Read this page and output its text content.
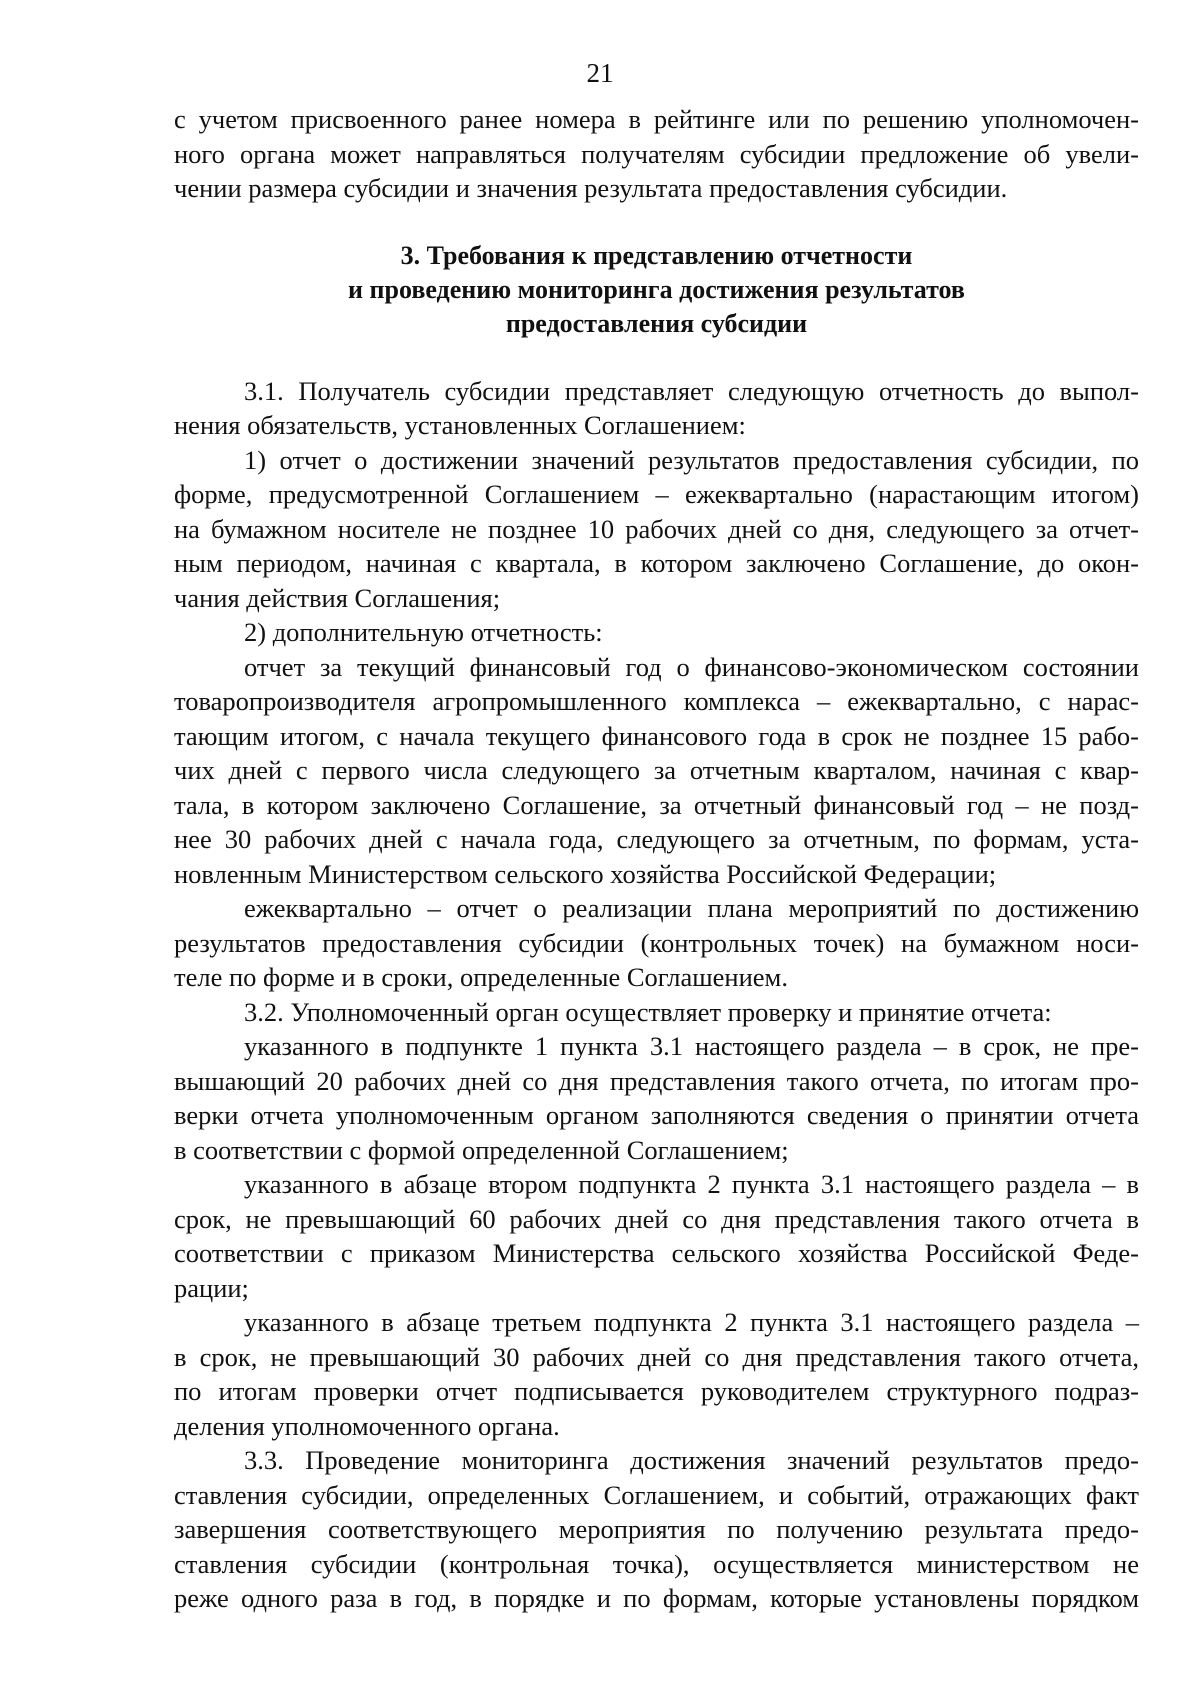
21
с учетом присвоенного ранее номера в рейтинге или по решению уполномочен-
ного органа может направляться получателям субсидии предложение об увели-
чении размера субсидии и значения результата предоставления субсидии.
3. Требования к представлению отчетности
и проведению мониторинга достижения результатов
предоставления субсидии
3.1. Получатель субсидии представляет следующую отчетность до выпол-
нения обязательств, установленных Соглашением:
1) отчет о достижении значений результатов предоставления субсидии, по
форме, предусмотренной Соглашением – ежеквартально (нарастающим итогом)
на бумажном носителе не позднее 10 рабочих дней со дня, следующего за отчет-
ным периодом, начиная с квартала, в котором заключено Соглашение, до окон-
чания действия Соглашения;
2) дополнительную отчетность:
отчет за текущий финансовый год о финансово-экономическом состоянии
товаропроизводителя агропромышленного комплекса – ежеквартально, с нарас-
тающим итогом, с начала текущего финансового года в срок не позднее 15 рабо-
чих дней с первого числа следующего за отчетным кварталом, начиная с квар-
тала, в котором заключено Соглашение, за отчетный финансовый год – не позд-
нее 30 рабочих дней с начала года, следующего за отчетным, по формам, уста-
новленным Министерством сельского хозяйства Российской Федерации;
ежеквартально – отчет о реализации плана мероприятий по достижению
результатов предоставления субсидии (контрольных точек) на бумажном носи-
теле по форме и в сроки, определенные Соглашением.
3.2. Уполномоченный орган осуществляет проверку и принятие отчета:
указанного в подпункте 1 пункта 3.1 настоящего раздела – в срок, не пре-
вышающий 20 рабочих дней со дня представления такого отчета, по итогам про-
верки отчета уполномоченным органом заполняются сведения о принятии отчета
в соответствии с формой определенной Соглашением;
указанного в абзаце втором подпункта 2 пункта 3.1 настоящего раздела – в
срок, не превышающий 60 рабочих дней со дня представления такого отчета в
соответствии с приказом Министерства сельского хозяйства Российской Феде-
рации;
указанного в абзаце третьем подпункта 2 пункта 3.1 настоящего раздела –
в срок, не превышающий 30 рабочих дней со дня представления такого отчета,
по итогам проверки отчет подписывается руководителем структурного подраз-
деления уполномоченного органа.
3.3. Проведение мониторинга достижения значений результатов предо-
ставления субсидии, определенных Соглашением, и событий, отражающих факт
завершения соответствующего мероприятия по получению результата предо-
ставления субсидии (контрольная точка), осуществляется министерством не
реже одного раза в год, в порядке и по формам, которые установлены порядком
